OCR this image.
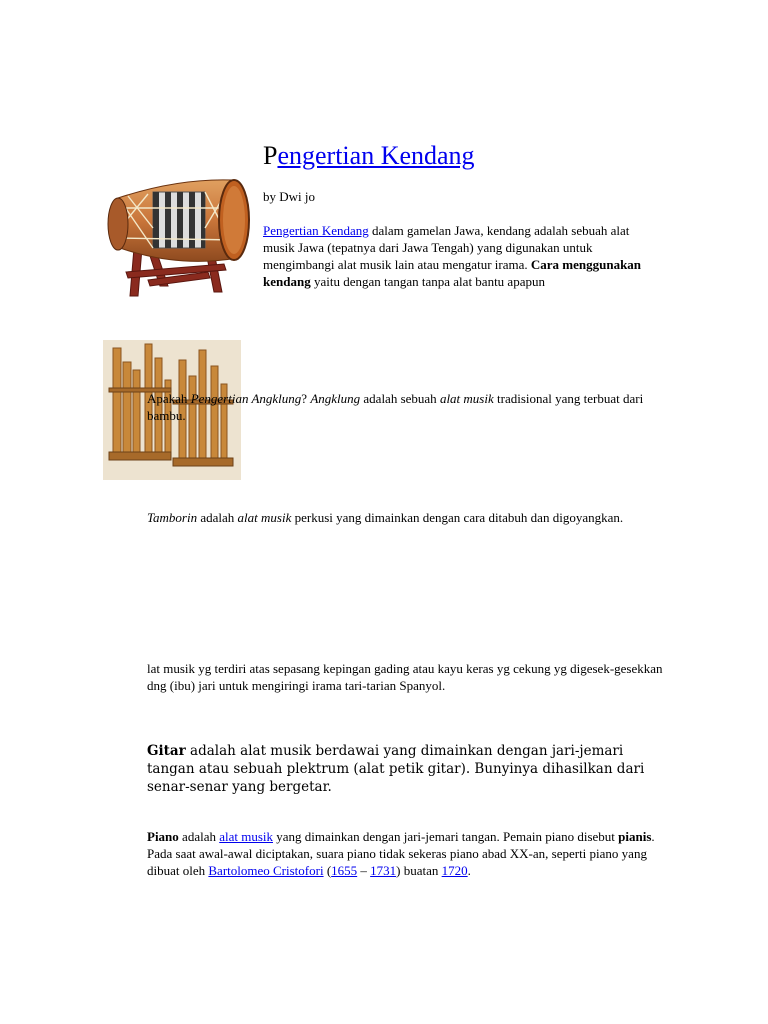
Pengertian Kendang
by Dwi jo
Pengertian Kendang dalam gamelan Jawa, kendang adalah sebuah alat musik Jawa (tepatnya dari Jawa Tengah) yang digunakan untuk mengimbangi alat musik lain atau mengatur irama. Cara menggunakan kendang yaitu dengan tangan tanpa alat bantu apapun
Apakah Pengertian Angklung? Angklung adalah sebuah alat musik tradisional yang terbuat dari bambu.
Tamborin adalah alat musik perkusi yang dimainkan dengan cara ditabuh dan digoyangkan.
lat musik yg terdiri atas sepasang kepingan gading atau kayu keras yg cekung yg digesek-gesekkan dng (ibu) jari untuk mengiringi irama tari-tarian Spanyol.
Gitar adalah alat musik berdawai yang dimainkan dengan jari-jemari tangan atau sebuah plektrum (alat petik gitar). Bunyinya dihasilkan dari senar-senar yang bergetar.
Piano adalah alat musik yang dimainkan dengan jari-jemari tangan. Pemain piano disebut pianis.
Pada saat awal-awal diciptakan, suara piano tidak sekeras piano abad XX-an, seperti piano yang dibuat oleh Bartolomeo Cristofori (1655 – 1731) buatan 1720.
